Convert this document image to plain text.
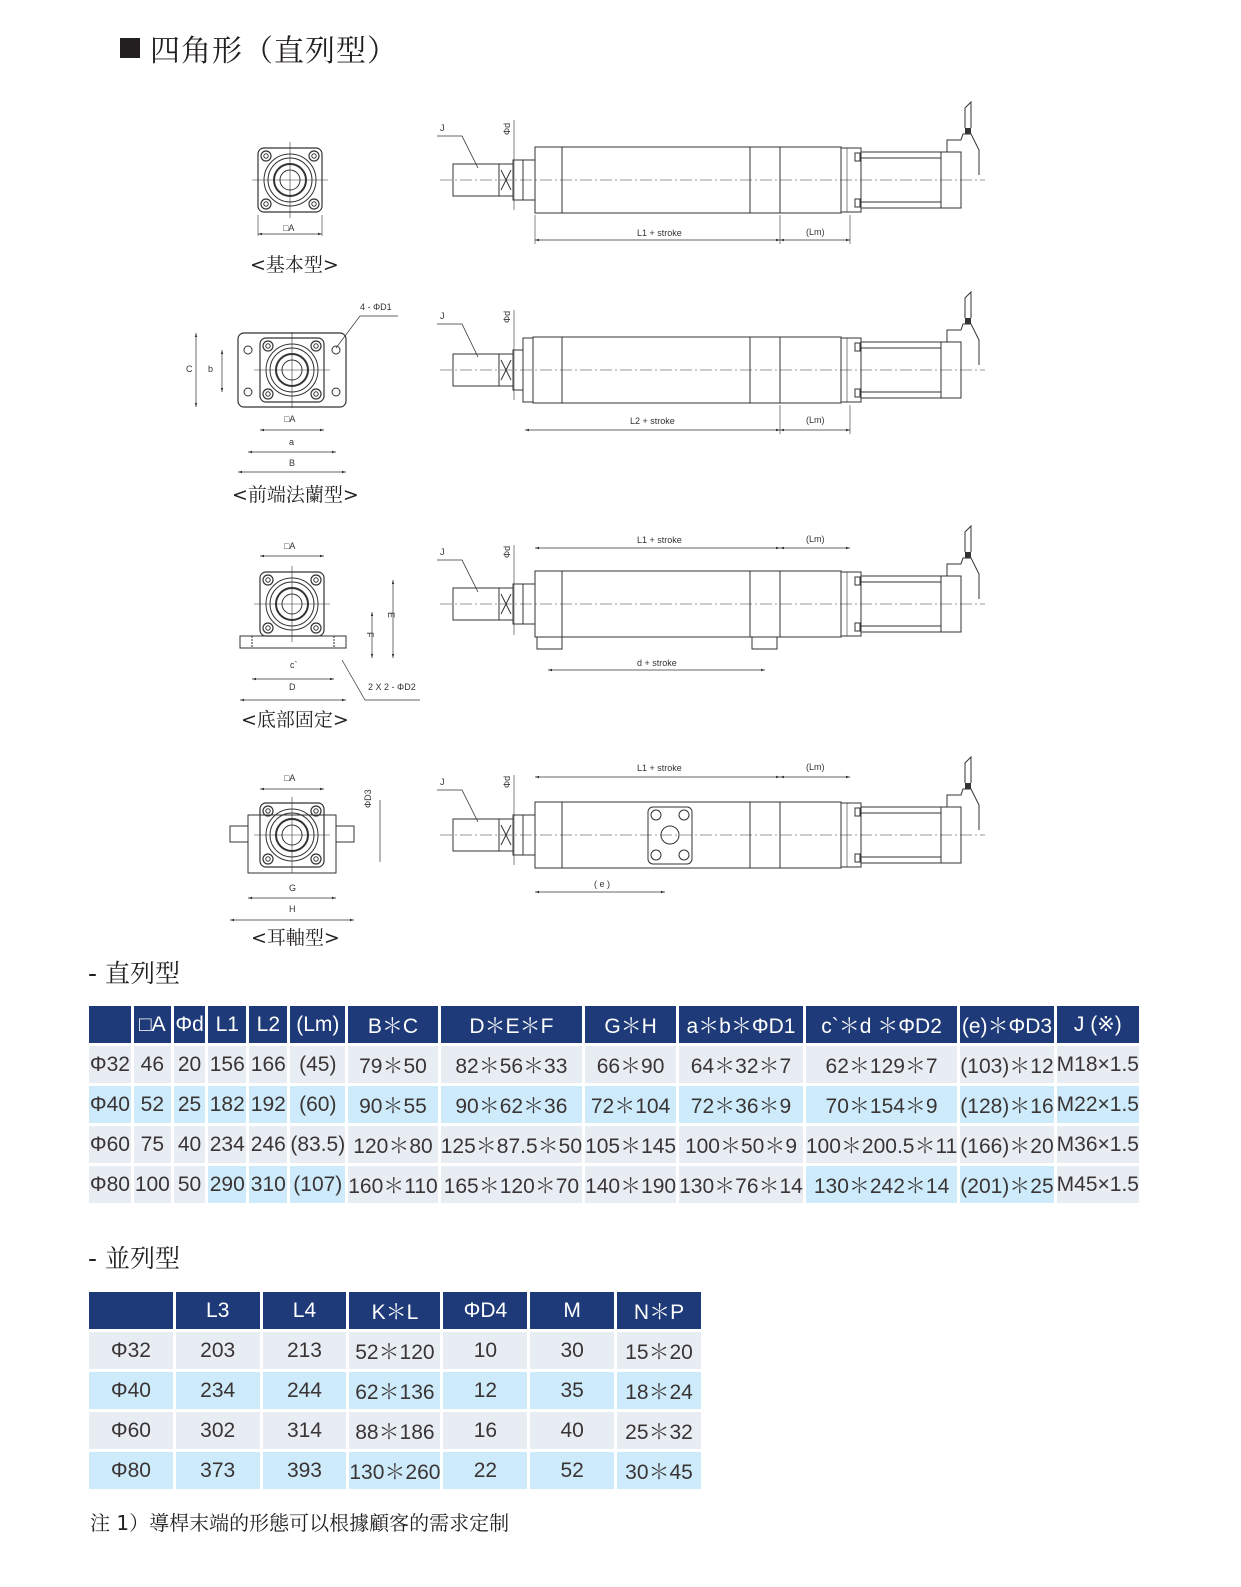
四角形（直列型）
□A	L1 + stroke	(Lm)
J	Φd
C b
□A
a
B
4 - ΦD1
L2 + stroke	(Lm)
J	Φd
□A
c`
D
E
F
2 X 2 - ΦD2
L1 + stroke	(Lm)
d + stroke
J	Φd
□A
G
H
ΦD3
L1 + stroke	(Lm)
( e )
J	Φd
<基本型>
<前端法蘭型>
<底部固定>
<耳軸型>
- 直列型
	□A	Φd	L1	L2	(Lm)	B＊C	D＊E＊F	G＊H	a＊b＊ΦD1	c`＊d ＊ΦD2	(e)＊ΦD3	J (※)
Φ32	46	20	156	166	(45)	79＊50	82＊56＊33	66＊90	64＊32＊7	62＊129＊7	(103)＊12	M18×1.5
Φ40	52	25	182	192	(60)	90＊55	90＊62＊36	72＊104	72＊36＊9	70＊154＊9	(128)＊16	M22×1.5
Φ60	75	40	234	246	(83.5)	120＊80	125＊87.5＊50	105＊145	100＊50＊9	100＊200.5＊11	(166)＊20	M36×1.5
Φ80	100	50	290	310	(107)	160＊110	165＊120＊70	140＊190	130＊76＊14	130＊242＊14	(201)＊25	M45×1.5
- 並列型
	L3	L4	K＊L	ΦD4	M	N＊P
Φ32	203	213	52＊120	10	30	15＊20
Φ40	234	244	62＊136	12	35	18＊24
Φ60	302	314	88＊186	16	40	25＊32
Φ80	373	393	130＊260	22	52	30＊45
注 1）導桿末端的形態可以根據顧客的需求定制
